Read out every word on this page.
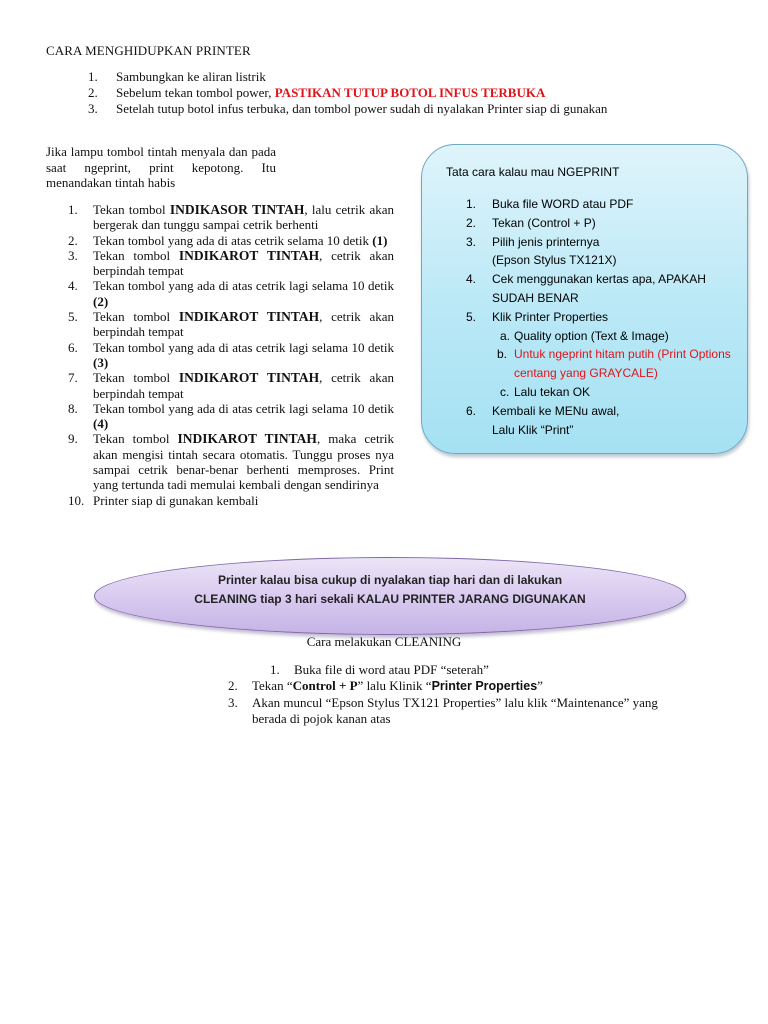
CARA MENGHIDUPKAN PRINTER
1. Sambungkan ke aliran listrik
2. Sebelum tekan tombol power, PASTIKAN TUTUP BOTOL INFUS TERBUKA
3. Setelah tutup botol infus terbuka, dan tombol power sudah di nyalakan Printer siap di gunakan
Jika lampu tombol tintah menyala dan pada saat ngeprint, print kepotong. Itu menandakan tintah habis
1. Tekan tombol INDIKASOR TINTAH, lalu cetrik akan bergerak dan tunggu sampai cetrik berhenti
2. Tekan tombol yang ada di atas cetrik selama 10 detik (1)
3. Tekan tombol INDIKAROT TINTAH, cetrik akan berpindah tempat
4. Tekan tombol yang ada di atas cetrik lagi selama 10 detik (2)
5. Tekan tombol INDIKAROT TINTAH, cetrik akan berpindah tempat
6. Tekan tombol yang ada di atas cetrik lagi selama 10 detik (3)
7. Tekan tombol INDIKAROT TINTAH, cetrik akan berpindah tempat
8. Tekan tombol yang ada di atas cetrik lagi selama 10 detik (4)
9. Tekan tombol INDIKAROT TINTAH, maka cetrik akan mengisi tintah secara otomatis. Tunggu proses nya sampai cetrik benar-benar berhenti memproses. Print yang tertunda tadi memulai kembali dengan sendirinya
10. Printer siap di gunakan kembali
Tata cara kalau mau NGEPRINT
1. Buka file WORD atau PDF
2. Tekan (Control + P)
3. Pilih jenis printernya
(Epson Stylus TX121X)
4. Cek menggunakan kertas apa, APAKAH SUDAH BENAR
5. Klik Printer Properties
a. Quality option (Text & Image)
b. Untuk ngeprint hitam putih (Print Options centang yang GRAYCALE)
c. Lalu tekan OK
6. Kembali ke MENu awal,
Lalu Klik “Print”
Printer kalau bisa cukup di nyalakan tiap hari dan di lakukan
CLEANING tiap 3 hari sekali KALAU PRINTER JARANG DIGUNAKAN
Cara melakukan CLEANING
1. Buka file di word atau PDF “seterah”
2. Tekan “Control + P” lalu Klinik “Printer Properties”
3. Akan muncul “Epson Stylus TX121 Properties” lalu klik “Maintenance” yang berada di pojok kanan atas
